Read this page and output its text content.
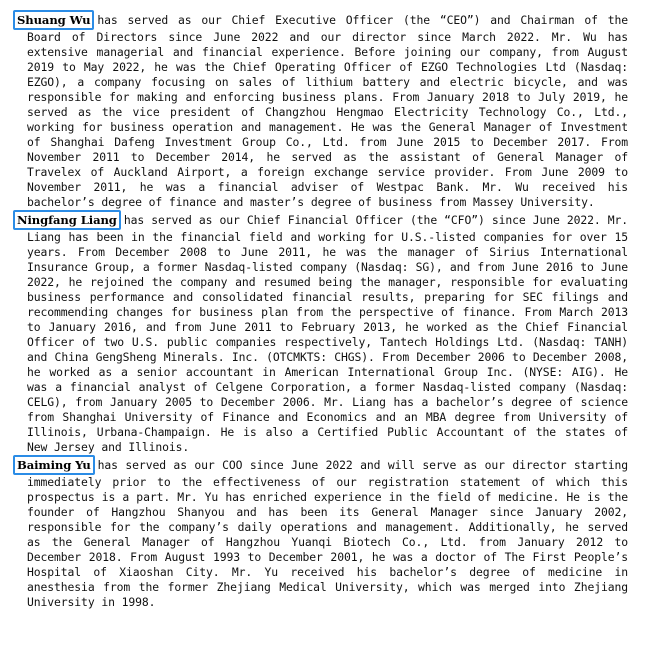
Shuang Wu has served as our Chief Executive Officer (the “CEO”) and Chairman of the Board of Directors since June 2022 and our director since March 2022. Mr. Wu has extensive managerial and financial experience. Before joining our company, from August 2019 to May 2022, he was the Chief Operating Officer of EZGO Technologies Ltd (Nasdaq: EZGO), a company focusing on sales of lithium battery and electric bicycle, and was responsible for making and enforcing business plans. From January 2018 to July 2019, he served as the vice president of Changzhou Hengmao Electricity Technology Co., Ltd., working for business operation and management. He was the General Manager of Investment of Shanghai Dafeng Investment Group Co., Ltd. from June 2015 to December 2017. From November 2011 to December 2014, he served as the assistant of General Manager of Travelex of Auckland Airport, a foreign exchange service provider. From June 2009 to November 2011, he was a financial adviser of Westpac Bank. Mr. Wu received his bachelor’s degree of finance and master’s degree of business from Massey University.

Ningfang Liang has served as our Chief Financial Officer (the “CFO”) since June 2022. Mr. Liang has been in the financial field and working for U.S.-listed companies for over 15 years. From December 2008 to June 2011, he was the manager of Sirius International Insurance Group, a former Nasdaq-listed company (Nasdaq: SG), and from June 2016 to June 2022, he rejoined the company and resumed being the manager, responsible for evaluating business performance and consolidated financial results, preparing for SEC filings and recommending changes for business plan from the perspective of finance. From March 2013 to January 2016, and from June 2011 to February 2013, he worked as the Chief Financial Officer of two U.S. public companies respectively, Tantech Holdings Ltd. (Nasdaq: TANH) and China GengSheng Minerals. Inc. (OTCMKTS: CHGS). From December 2006 to December 2008, he worked as a senior accountant in American International Group Inc. (NYSE: AIG). He was a financial analyst of Celgene Corporation, a former Nasdaq-listed company (Nasdaq: CELG), from January 2005 to December 2006. Mr. Liang has a bachelor’s degree of science from Shanghai University of Finance and Economics and an MBA degree from University of Illinois, Urbana-Champaign. He is also a Certified Public Accountant of the states of New Jersey and Illinois.

Baiming Yu has served as our COO since June 2022 and will serve as our director starting immediately prior to the effectiveness of our registration statement of which this prospectus is a part. Mr. Yu has enriched experience in the field of medicine. He is the founder of Hangzhou Shanyou and has been its General Manager since January 2002, responsible for the company’s daily operations and management. Additionally, he served as the General Manager of Hangzhou Yuanqi Biotech Co., Ltd. from January 2012 to December 2018. From August 1993 to December 2001, he was a doctor of The First People’s Hospital of Xiaoshan City. Mr. Yu received his bachelor’s degree of medicine in anesthesia from the former Zhejiang Medical University, which was merged into Zhejiang University in 1998.
